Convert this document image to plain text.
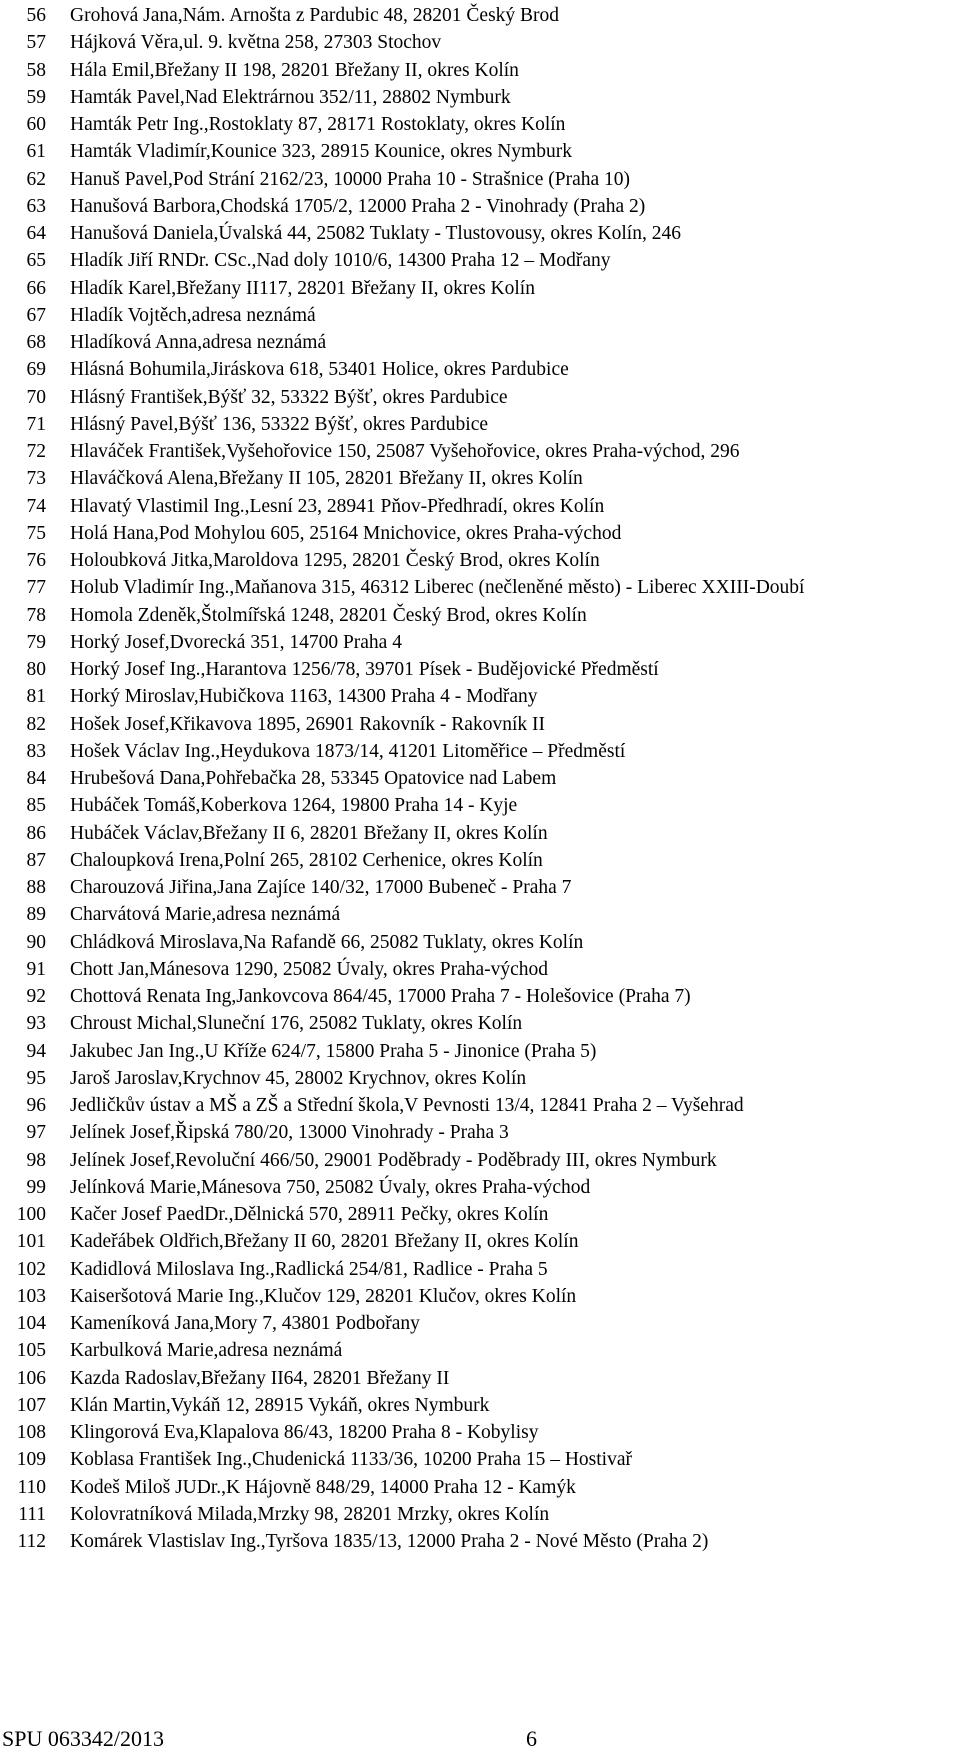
56	Grohová Jana,Nám. Arnošta z Pardubic 48, 28201 Český Brod
57	Hájková Věra,ul. 9. května 258, 27303 Stochov
58	Hála Emil,Břežany II 198, 28201 Břežany II, okres Kolín
59	Hamták Pavel,Nad Elektrárnou 352/11, 28802 Nymburk
60	Hamták Petr Ing.,Rostoklaty 87, 28171 Rostoklaty, okres Kolín
61	Hamták Vladimír,Kounice 323, 28915 Kounice, okres Nymburk
62	Hanuš Pavel,Pod Strání 2162/23, 10000 Praha 10 - Strašnice (Praha 10)
63	Hanušová Barbora,Chodská 1705/2, 12000 Praha 2 - Vinohrady (Praha 2)
64	Hanušová Daniela,Úvalská 44, 25082 Tuklaty - Tlustovousy, okres Kolín, 246
65	Hladík Jiří RNDr. CSc.,Nad doly 1010/6, 14300 Praha 12 – Modřany
66	Hladík Karel,Břežany II117, 28201 Břežany II, okres Kolín
67	Hladík Vojtěch,adresa neznámá
68	Hladíková Anna,adresa neznámá
69	Hlásná Bohumila,Jiráskova 618, 53401 Holice, okres Pardubice
70	Hlásný František,Býšť 32, 53322 Býšť, okres Pardubice
71	Hlásný Pavel,Býšť 136, 53322 Býšť, okres Pardubice
72	Hlaváček František,Vyšehořovice 150, 25087 Vyšehořovice, okres Praha-východ, 296
73	Hlaváčková Alena,Břežany II 105, 28201 Břežany II, okres Kolín
74	Hlavatý Vlastimil Ing.,Lesní 23, 28941 Pňov-Předhradí, okres Kolín
75	Holá Hana,Pod Mohylou 605, 25164 Mnichovice, okres Praha-východ
76	Holoubková Jitka,Maroldova 1295, 28201 Český Brod, okres Kolín
77	Holub Vladimír Ing.,Maňanova 315, 46312 Liberec (nečleněné město) - Liberec XXIII-Doubí
78	Homola Zdeněk,Štolmířská 1248, 28201 Český Brod, okres Kolín
79	Horký Josef,Dvorecká 351, 14700 Praha 4
80	Horký Josef Ing.,Harantova 1256/78, 39701 Písek - Budějovické Předměstí
81	Horký Miroslav,Hubičkova 1163, 14300 Praha 4 - Modřany
82	Hošek Josef,Křikavova 1895, 26901 Rakovník - Rakovník II
83	Hošek Václav Ing.,Heydukova 1873/14, 41201 Litoměřice – Předměstí
84	Hrubešová Dana,Pohřebačka 28, 53345 Opatovice nad Labem
85	Hubáček Tomáš,Koberkova 1264, 19800 Praha 14 - Kyje
86	Hubáček Václav,Břežany II 6, 28201 Břežany II, okres Kolín
87	Chaloupková Irena,Polní 265, 28102 Cerhenice, okres Kolín
88	Charouzová Jiřina,Jana Zajíce 140/32, 17000 Bubeneč - Praha 7
89	Charvátová Marie,adresa neznámá
90	Chládková Miroslava,Na Rafandě 66, 25082 Tuklaty, okres Kolín
91	Chott Jan,Mánesova 1290, 25082 Úvaly, okres Praha-východ
92	Chottová Renata Ing,Jankovcova 864/45, 17000 Praha 7 - Holešovice (Praha 7)
93	Chroust Michal,Sluneční 176, 25082 Tuklaty, okres Kolín
94	Jakubec Jan Ing.,U Kříže 624/7, 15800 Praha 5 - Jinonice (Praha 5)
95	Jaroš Jaroslav,Krychnov 45, 28002 Krychnov, okres Kolín
96	Jedličkův ústav a MŠ a ZŠ a Střední škola,V Pevnosti 13/4, 12841 Praha 2 – Vyšehrad
97	Jelínek Josef,Řipská 780/20, 13000 Vinohrady - Praha 3
98	Jelínek Josef,Revoluční 466/50, 29001 Poděbrady - Poděbrady III, okres Nymburk
99	Jelínková Marie,Mánesova 750, 25082 Úvaly, okres Praha-východ
100	Kačer Josef PaedDr.,Dělnická 570, 28911 Pečky, okres Kolín
101	Kadeřábek Oldřich,Břežany II 60, 28201 Břežany II, okres Kolín
102	Kadidlová Miloslava Ing.,Radlická 254/81, Radlice - Praha 5
103	Kaiseršotová Marie Ing.,Klučov 129, 28201 Klučov, okres Kolín
104	Kameníková Jana,Mory 7, 43801 Podbořany
105	Karbulková Marie,adresa neznámá
106	Kazda Radoslav,Břežany II64, 28201 Břežany II
107	Klán Martin,Vykáň 12, 28915 Vykáň, okres Nymburk
108	Klingorová Eva,Klapalova 86/43, 18200 Praha 8 - Kobylisy
109	Koblasa František Ing.,Chudenická 1133/36, 10200 Praha 15 – Hostivař
110	Kodeš Miloš JUDr.,K Hájovně 848/29, 14000 Praha 12 - Kamýk
111	Kolovratníková Milada,Mrzky 98, 28201 Mrzky, okres Kolín
112	Komárek Vlastislav Ing.,Tyršova 1835/13, 12000 Praha 2 - Nové Město (Praha 2)
SPU 063342/2013	6
